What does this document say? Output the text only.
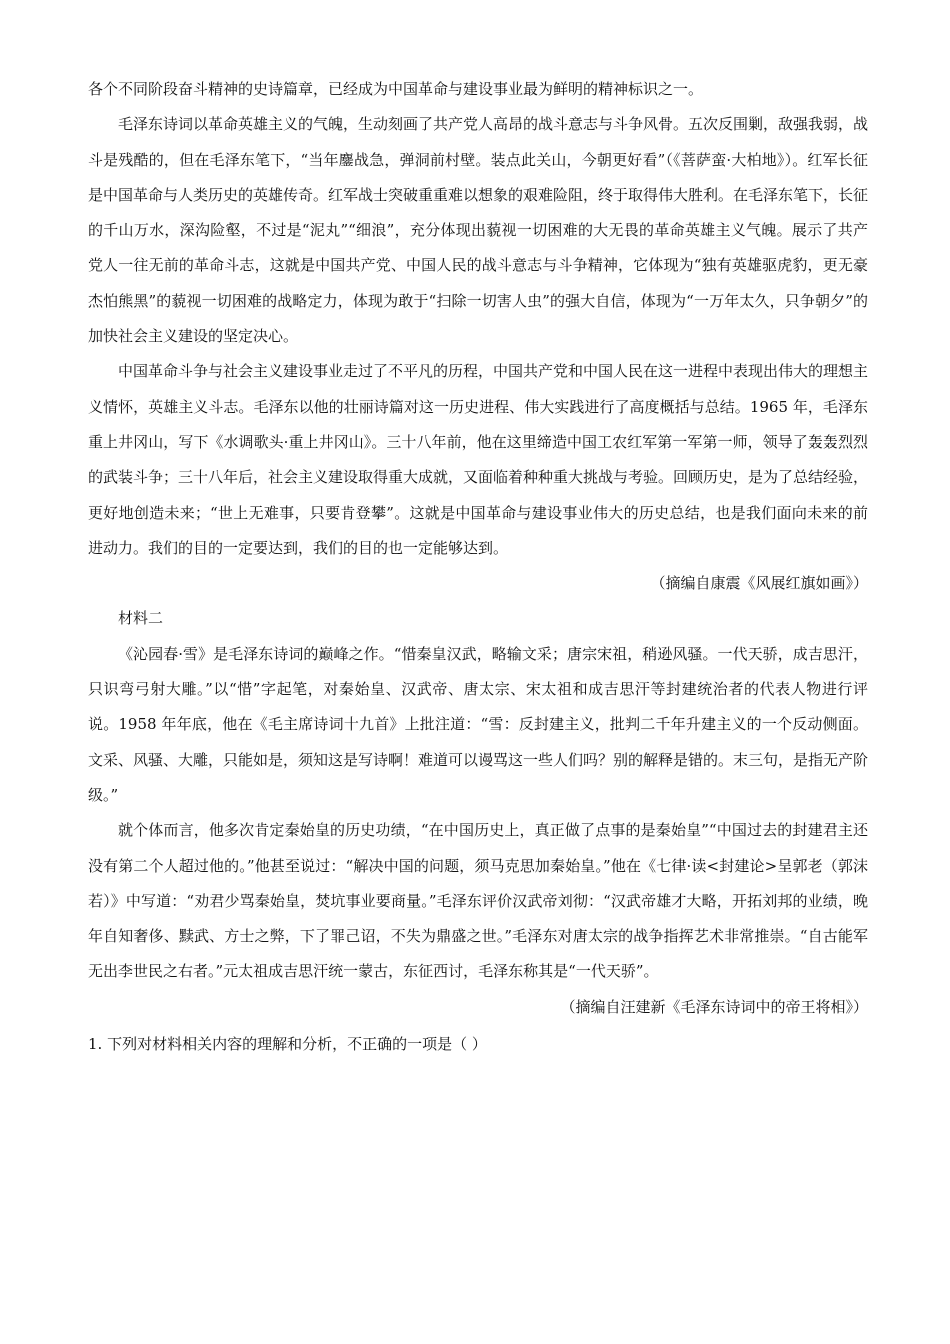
各个不同阶段奋斗精神的史诗篇章，已经成为中国革命与建设事业最为鲜明的精神标识之一。

毛泽东诗词以革命英雄主义的气魄，生动刻画了共产党人高昂的战斗意志与斗争风骨。五次反围剿，敌强我弱，战斗是残酷的，但在毛泽东笔下，“当年鏖战急，弹洞前村壁。装点此关山，今朝更好看”（《菩萨蛮·大柏地》）。红军长征是中国革命与人类历史的英雄传奇。红军战士突破重重难以想象的艰难险阻，终于取得伟大胜利。在毛泽东笔下，长征的千山万水，深沟险壑，不过是“泥丸”“细浪”，充分体现出藐视一切困难的大无畏的革命英雄主义气魄。展示了共产党人一往无前的革命斗志，这就是中国共产党、中国人民的战斗意志与斗争精神，它体现为“独有英雄驱虎豹，更无豪杰怕熊黑”的藐视一切困难的战略定力，体现为敢于“扫除一切害人虫”的强大自信，体现为“一万年太久，只争朝夕”的加快社会主义建设的坚定决心。

中国革命斗争与社会主义建设事业走过了不平凡的历程，中国共产党和中国人民在这一进程中表现出伟大的理想主义情怀，英雄主义斗志。毛泽东以他的壮丽诗篇对这一历史进程、伟大实践进行了高度概括与总结。1965 年，毛泽东重上井冈山，写下《水调歌头·重上井冈山》。三十八年前，他在这里缔造中国工农红军第一军第一师，领导了轰轰烈烈的武装斗争；三十八年后，社会主义建设取得重大成就，又面临着种种重大挑战与考验。回顾历史，是为了总结经验，更好地创造未来；“世上无难事，只要肯登攀”。这就是中国革命与建设事业伟大的历史总结，也是我们面向未来的前进动力。我们的目的一定要达到，我们的目的也一定能够达到。

（摘编自康震《风展红旗如画》）

材料二

《沁园春·雪》是毛泽东诗词的巅峰之作。“惜秦皇汉武，略输文采；唐宗宋祖，稍逊风骚。一代天骄，成吉思汗，只识弯弓射大雕。”以“惜”字起笔，对秦始皇、汉武帝、唐太宗、宋太祖和成吉思汗等封建统治者的代表人物进行评说。1958 年年底，他在《毛主席诗词十九首》上批注道：“雪：反封建主义，批判二千年升建主义的一个反动侧面。文采、风骚、大雕，只能如是，须知这是写诗啊！难道可以谩骂这一些人们吗？别的解释是错的。末三句，是指无产阶级。”

就个体而言，他多次肯定秦始皇的历史功绩，“在中国历史上，真正做了点事的是秦始皇”“中国过去的封建君主还没有第二个人超过他的。”他甚至说过：“解决中国的问题，须马克思加秦始皇。”他在《七律·读<封建论>呈郭老（郭沫若）》中写道：“劝君少骂秦始皇，焚坑事业要商量。”毛泽东评价汉武帝刘彻：“汉武帝雄才大略，开拓刘邦的业绩，晚年自知奢侈、黩武、方士之弊，下了罪己诏，不失为鼎盛之世。”毛泽东对唐太宗的战争指挥艺术非常推崇。“自古能军无出李世民之右者。”元太祖成吉思汗统一蒙古，东征西讨，毛泽东称其是“一代天骄”。

（摘编自汪建新《毛泽东诗词中的帝王将相》）

1. 下列对材料相关内容的理解和分析，不正确的一项是（ ）
